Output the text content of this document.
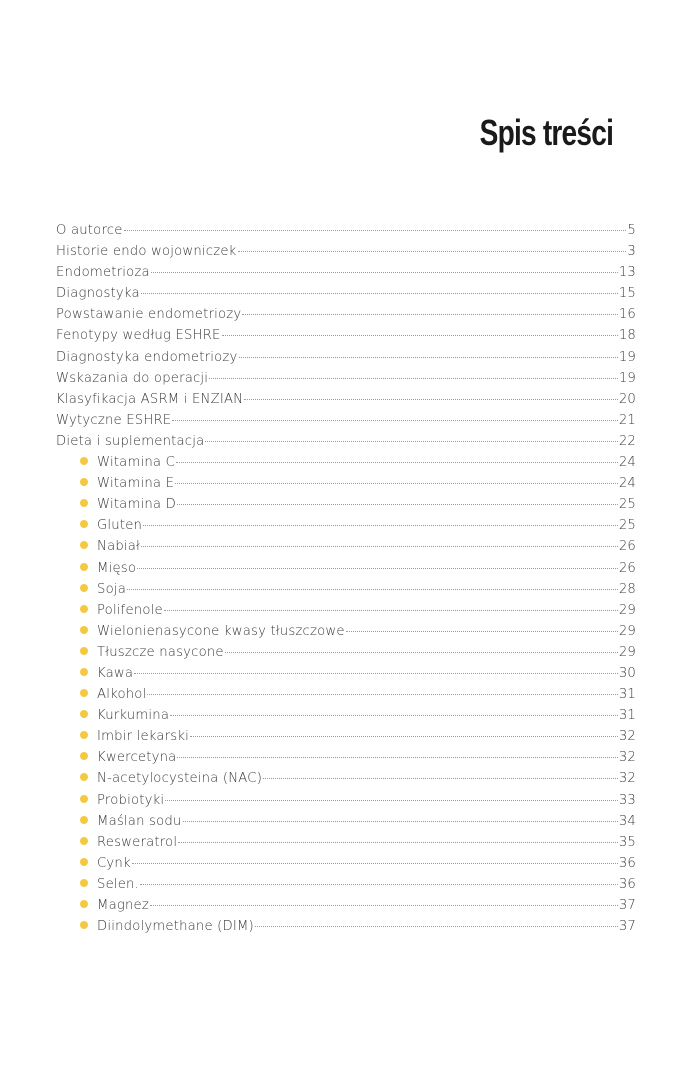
Spis treści
O autorce	5
Historie endo wojowniczek	3
Endometrioza	13
Diagnostyka	15
Powstawanie endometriozy	16
Fenotypy według ESHRE	18
Diagnostyka endometriozy	19
Wskazania do operacji	19
Klasyfikacja ASRM i ENZIAN	20
Wytyczne ESHRE	21
Dieta i suplementacja	22
Witamina C	24
Witamina E	24
Witamina D	25
Gluten	25
Nabiał	26
Mięso	26
Soja	28
Polifenole	29
Wielonienasycone kwasy tłuszczowe	29
Tłuszcze nasycone	29
Kawa	30
Alkohol	31
Kurkumina	31
Imbir lekarski	32
Kwercetyna	32
N-acetylocysteina (NAC)	32
Probiotyki	33
Maślan sodu	34
Resweratrol	35
Cynk	36
Selen.	36
Magnez	37
Diindolymethane (DIM)	37
